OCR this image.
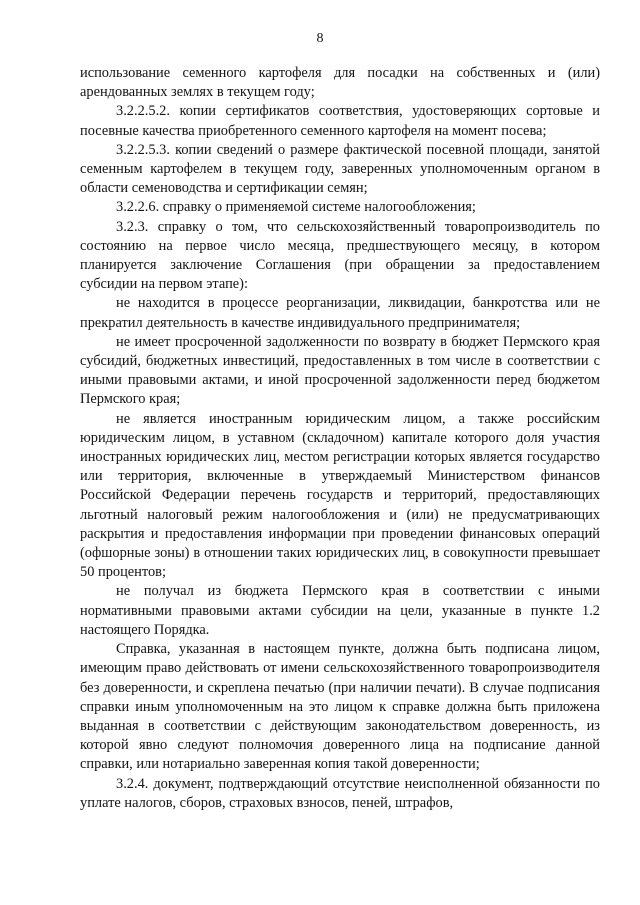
8

использование семенного картофеля для посадки на собственных и (или) арендованных землях в текущем году;

3.2.2.5.2. копии сертификатов соответствия, удостоверяющих сортовые и посевные качества приобретенного семенного картофеля на момент посева;

3.2.2.5.3. копии сведений о размере фактической посевной площади, занятой семенным картофелем в текущем году, заверенных уполномоченным органом в области семеноводства и сертификации семян;

3.2.2.6. справку о применяемой системе налогообложения;

3.2.3. справку о том, что сельскохозяйственный товаропроизводитель по состоянию на первое число месяца, предшествующего месяцу, в котором планируется заключение Соглашения (при обращении за предоставлением субсидии на первом этапе):

не находится в процессе реорганизации, ликвидации, банкротства или не прекратил деятельность в качестве индивидуального предпринимателя;

не имеет просроченной задолженности по возврату в бюджет Пермского края субсидий, бюджетных инвестиций, предоставленных в том числе в соответствии с иными правовыми актами, и иной просроченной задолженности перед бюджетом Пермского края;

не является иностранным юридическим лицом, а также российским юридическим лицом, в уставном (складочном) капитале которого доля участия иностранных юридических лиц, местом регистрации которых является государство или территория, включенные в утверждаемый Министерством финансов Российской Федерации перечень государств и территорий, предоставляющих льготный налоговый режим налогообложения и (или) не предусматривающих раскрытия и предоставления информации при проведении финансовых операций (офшорные зоны) в отношении таких юридических лиц, в совокупности превышает 50 процентов;

не получал из бюджета Пермского края в соответствии с иными нормативными правовыми актами субсидии на цели, указанные в пункте 1.2 настоящего Порядка.

Справка, указанная в настоящем пункте, должна быть подписана лицом, имеющим право действовать от имени сельскохозяйственного товаропроизводителя без доверенности, и скреплена печатью (при наличии печати). В случае подписания справки иным уполномоченным на это лицом к справке должна быть приложена выданная в соответствии с действующим законодательством доверенность, из которой явно следуют полномочия доверенного лица на подписание данной справки, или нотариально заверенная копия такой доверенности;

3.2.4. документ, подтверждающий отсутствие неисполненной обязанности по уплате налогов, сборов, страховых взносов, пеней, штрафов,
